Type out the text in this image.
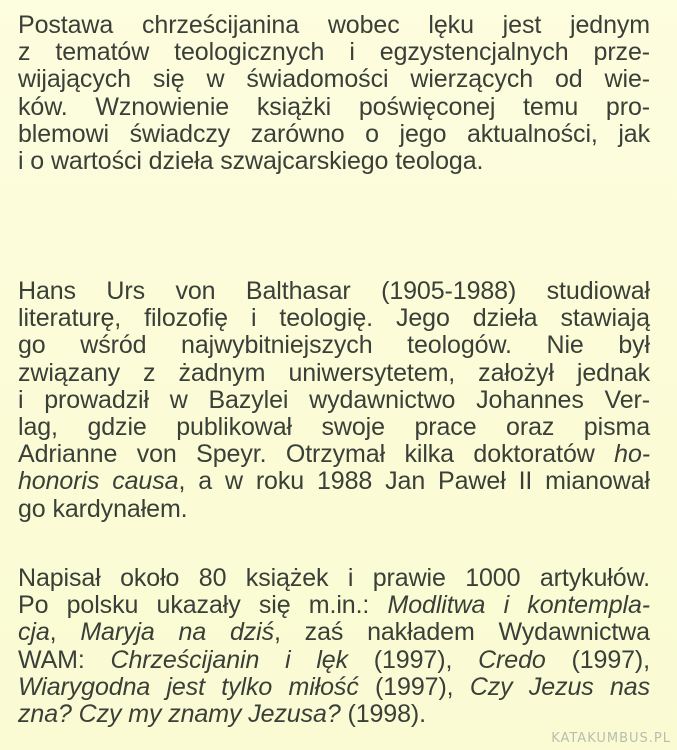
Postawa chrześcijanina wobec lęku jest jednym
z tematów teologicznych i egzystencjalnych prze-
wijających się w świadomości wierzących od wie-
ków. Wznowienie książki poświęconej temu pro-
blemowi świadczy zarówno o jego aktualności, jak
i o wartości dzieła szwajcarskiego teologa.

Hans Urs von Balthasar (1905-1988) studiował
literaturę, filozofię i teologię. Jego dzieła stawiają
go wśród najwybitniejszych teologów. Nie był
związany z żadnym uniwersytetem, założył jednak
i prowadził w Bazylei wydawnictwo Johannes Ver-
lag, gdzie publikował swoje prace oraz pisma
Adrianne von Speyr. Otrzymał kilka doktoratów ho-
honoris causa, a w roku 1988 Jan Paweł II mianował
go kardynałem.

Napisał około 80 książek i prawie 1000 artykułów.
Po polsku ukazały się m.in.: Modlitwa i kontempla-
cja, Maryja na dziś, zaś nakładem Wydawnictwa
WAM: Chrześcijanin i lęk (1997), Credo (1997),
Wiarygodna jest tylko miłość (1997), Czy Jezus nas
zna? Czy my znamy Jezusa? (1998).

KATAKUMBUS.PL
